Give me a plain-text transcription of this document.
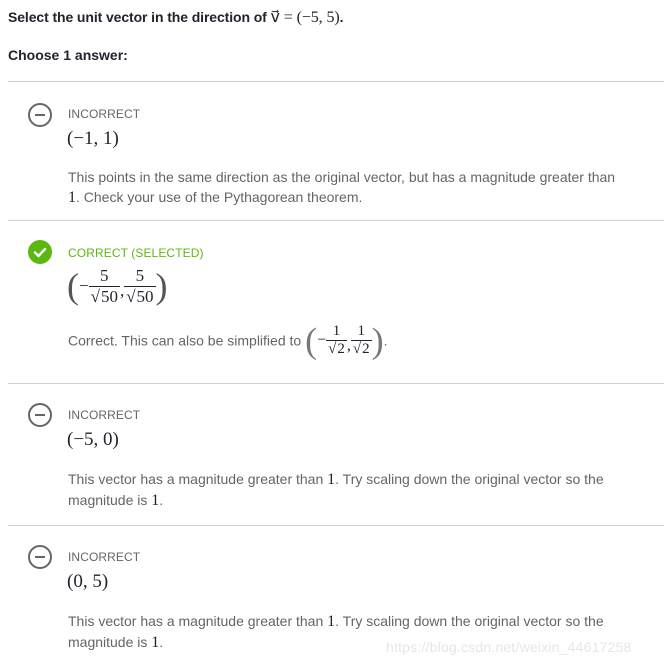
Select the unit vector in the direction of v⃗ = (−5, 5).
Choose 1 answer:
INCORRECT
(−1, 1)
This points in the same direction as the original vector, but has a magnitude greater than 1. Check your use of the Pythagorean theorem.
CORRECT (SELECTED)
(− $\frac{5}{√50}$ , $\frac{5}{√50}$ )
Correct. This can also be simplified to (− $\frac{1}{√2}$ , $\frac{1}{√2}$ ).
INCORRECT
(−5, 0)
This vector has a magnitude greater than 1. Try scaling down the original vector so the magnitude is 1.
INCORRECT
(0, 5)
This vector has a magnitude greater than 1. Try scaling down the original vector so the magnitude is 1.	https://blog.csdn.net/weixin_44617258
